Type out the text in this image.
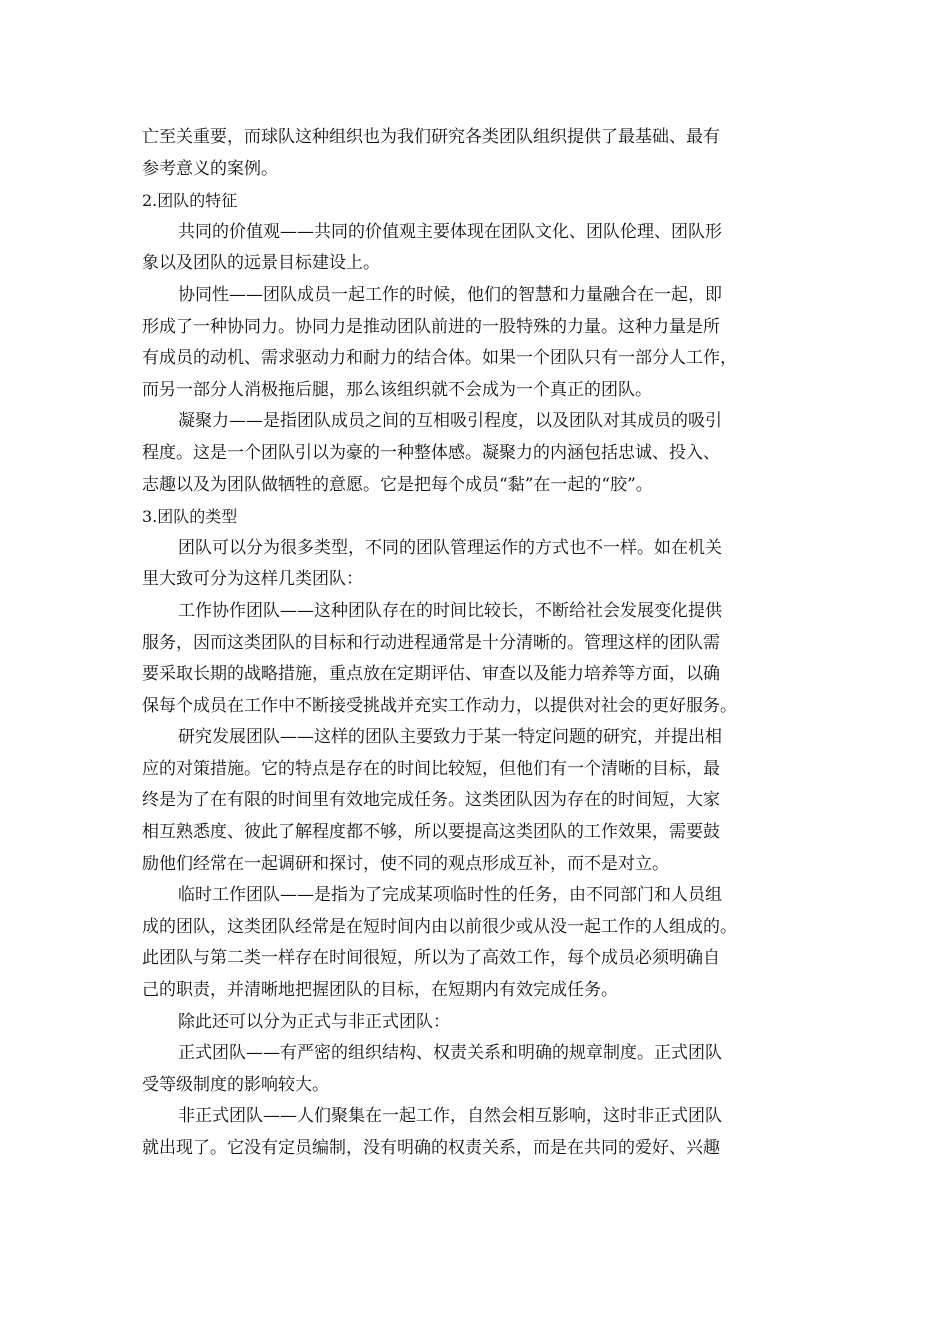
亡至关重要，而球队这种组织也为我们研究各类团队组织提供了最基础、最有
参考意义的案例。
2.团队的特征
共同的价值观——共同的价值观主要体现在团队文化、团队伦理、团队形
象以及团队的远景目标建设上。
协同性——团队成员一起工作的时候，他们的智慧和力量融合在一起，即
形成了一种协同力。协同力是推动团队前进的一股特殊的力量。这种力量是所
有成员的动机、需求驱动力和耐力的结合体。如果一个团队只有一部分人工作，
而另一部分人消极拖后腿，那么该组织就不会成为一个真正的团队。
凝聚力——是指团队成员之间的互相吸引程度，以及团队对其成员的吸引
程度。这是一个团队引以为豪的一种整体感。凝聚力的内涵包括忠诚、投入、
志趣以及为团队做牺牲的意愿。它是把每个成员“黏”在一起的“胶”。
3.团队的类型
团队可以分为很多类型，不同的团队管理运作的方式也不一样。如在机关
里大致可分为这样几类团队：
工作协作团队——这种团队存在的时间比较长，不断给社会发展变化提供
服务，因而这类团队的目标和行动进程通常是十分清晰的。管理这样的团队需
要采取长期的战略措施，重点放在定期评估、审查以及能力培养等方面，以确
保每个成员在工作中不断接受挑战并充实工作动力，以提供对社会的更好服务。
研究发展团队——这样的团队主要致力于某一特定问题的研究，并提出相
应的对策措施。它的特点是存在的时间比较短，但他们有一个清晰的目标，最
终是为了在有限的时间里有效地完成任务。这类团队因为存在的时间短，大家
相互熟悉度、彼此了解程度都不够，所以要提高这类团队的工作效果，需要鼓
励他们经常在一起调研和探讨，使不同的观点形成互补，而不是对立。
临时工作团队——是指为了完成某项临时性的任务，由不同部门和人员组
成的团队，这类团队经常是在短时间内由以前很少或从没一起工作的人组成的。
此团队与第二类一样存在时间很短，所以为了高效工作，每个成员必须明确自
己的职责，并清晰地把握团队的目标，在短期内有效完成任务。
除此还可以分为正式与非正式团队：
正式团队——有严密的组织结构、权责关系和明确的规章制度。正式团队
受等级制度的影响较大。
非正式团队——人们聚集在一起工作，自然会相互影响，这时非正式团队
就出现了。它没有定员编制，没有明确的权责关系，而是在共同的爱好、兴趣
